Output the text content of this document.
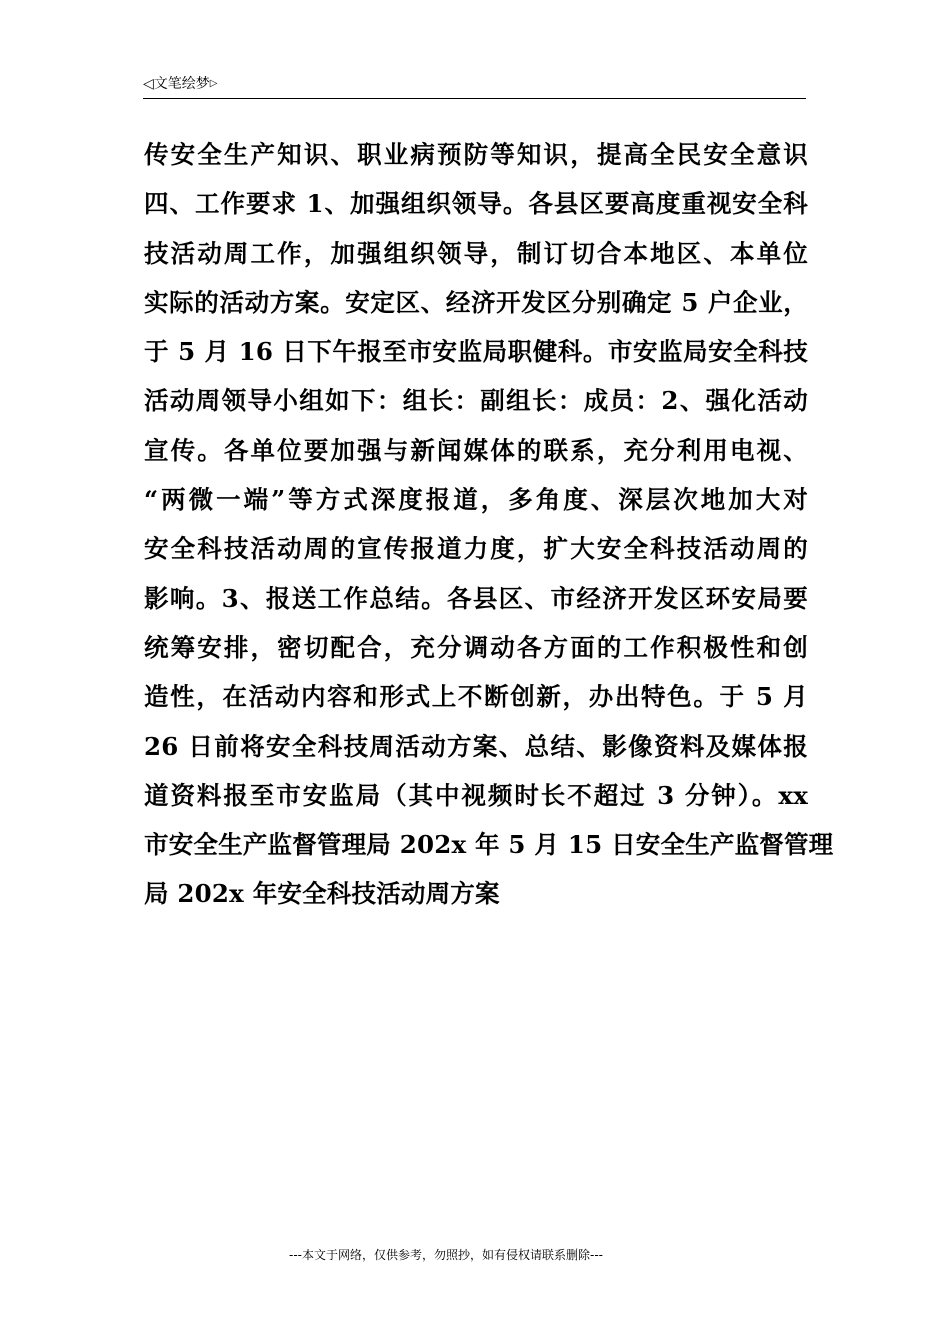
◁文笔绘梦▷
传安全生产知识、职业病预防等知识，提高全民安全意识
四、工作要求 1、加强组织领导。各县区要高度重视安全科
技活动周工作，加强组织领导，制订切合本地区、本单位
实际的活动方案。安定区、经济开发区分别确定 5 户企业，
于 5 月 16 日下午报至市安监局职健科。市安监局安全科技
活动周领导小组如下：组长：副组长：成员：2、强化活动
宣传。各单位要加强与新闻媒体的联系，充分利用电视、
“两微一端”等方式深度报道，多角度、深层次地加大对
安全科技活动周的宣传报道力度，扩大安全科技活动周的
影响。3、报送工作总结。各县区、市经济开发区环安局要
统筹安排，密切配合，充分调动各方面的工作积极性和创
造性，在活动内容和形式上不断创新，办出特色。于 5 月
26 日前将安全科技周活动方案、总结、影像资料及媒体报
道资料报至市安监局（其中视频时长不超过 3 分钟）。xx
市安全生产监督管理局 202x 年 5 月 15 日安全生产监督管理
局 202x 年安全科技活动周方案
---本文于网络，仅供参考，勿照抄，如有侵权请联系删除---
